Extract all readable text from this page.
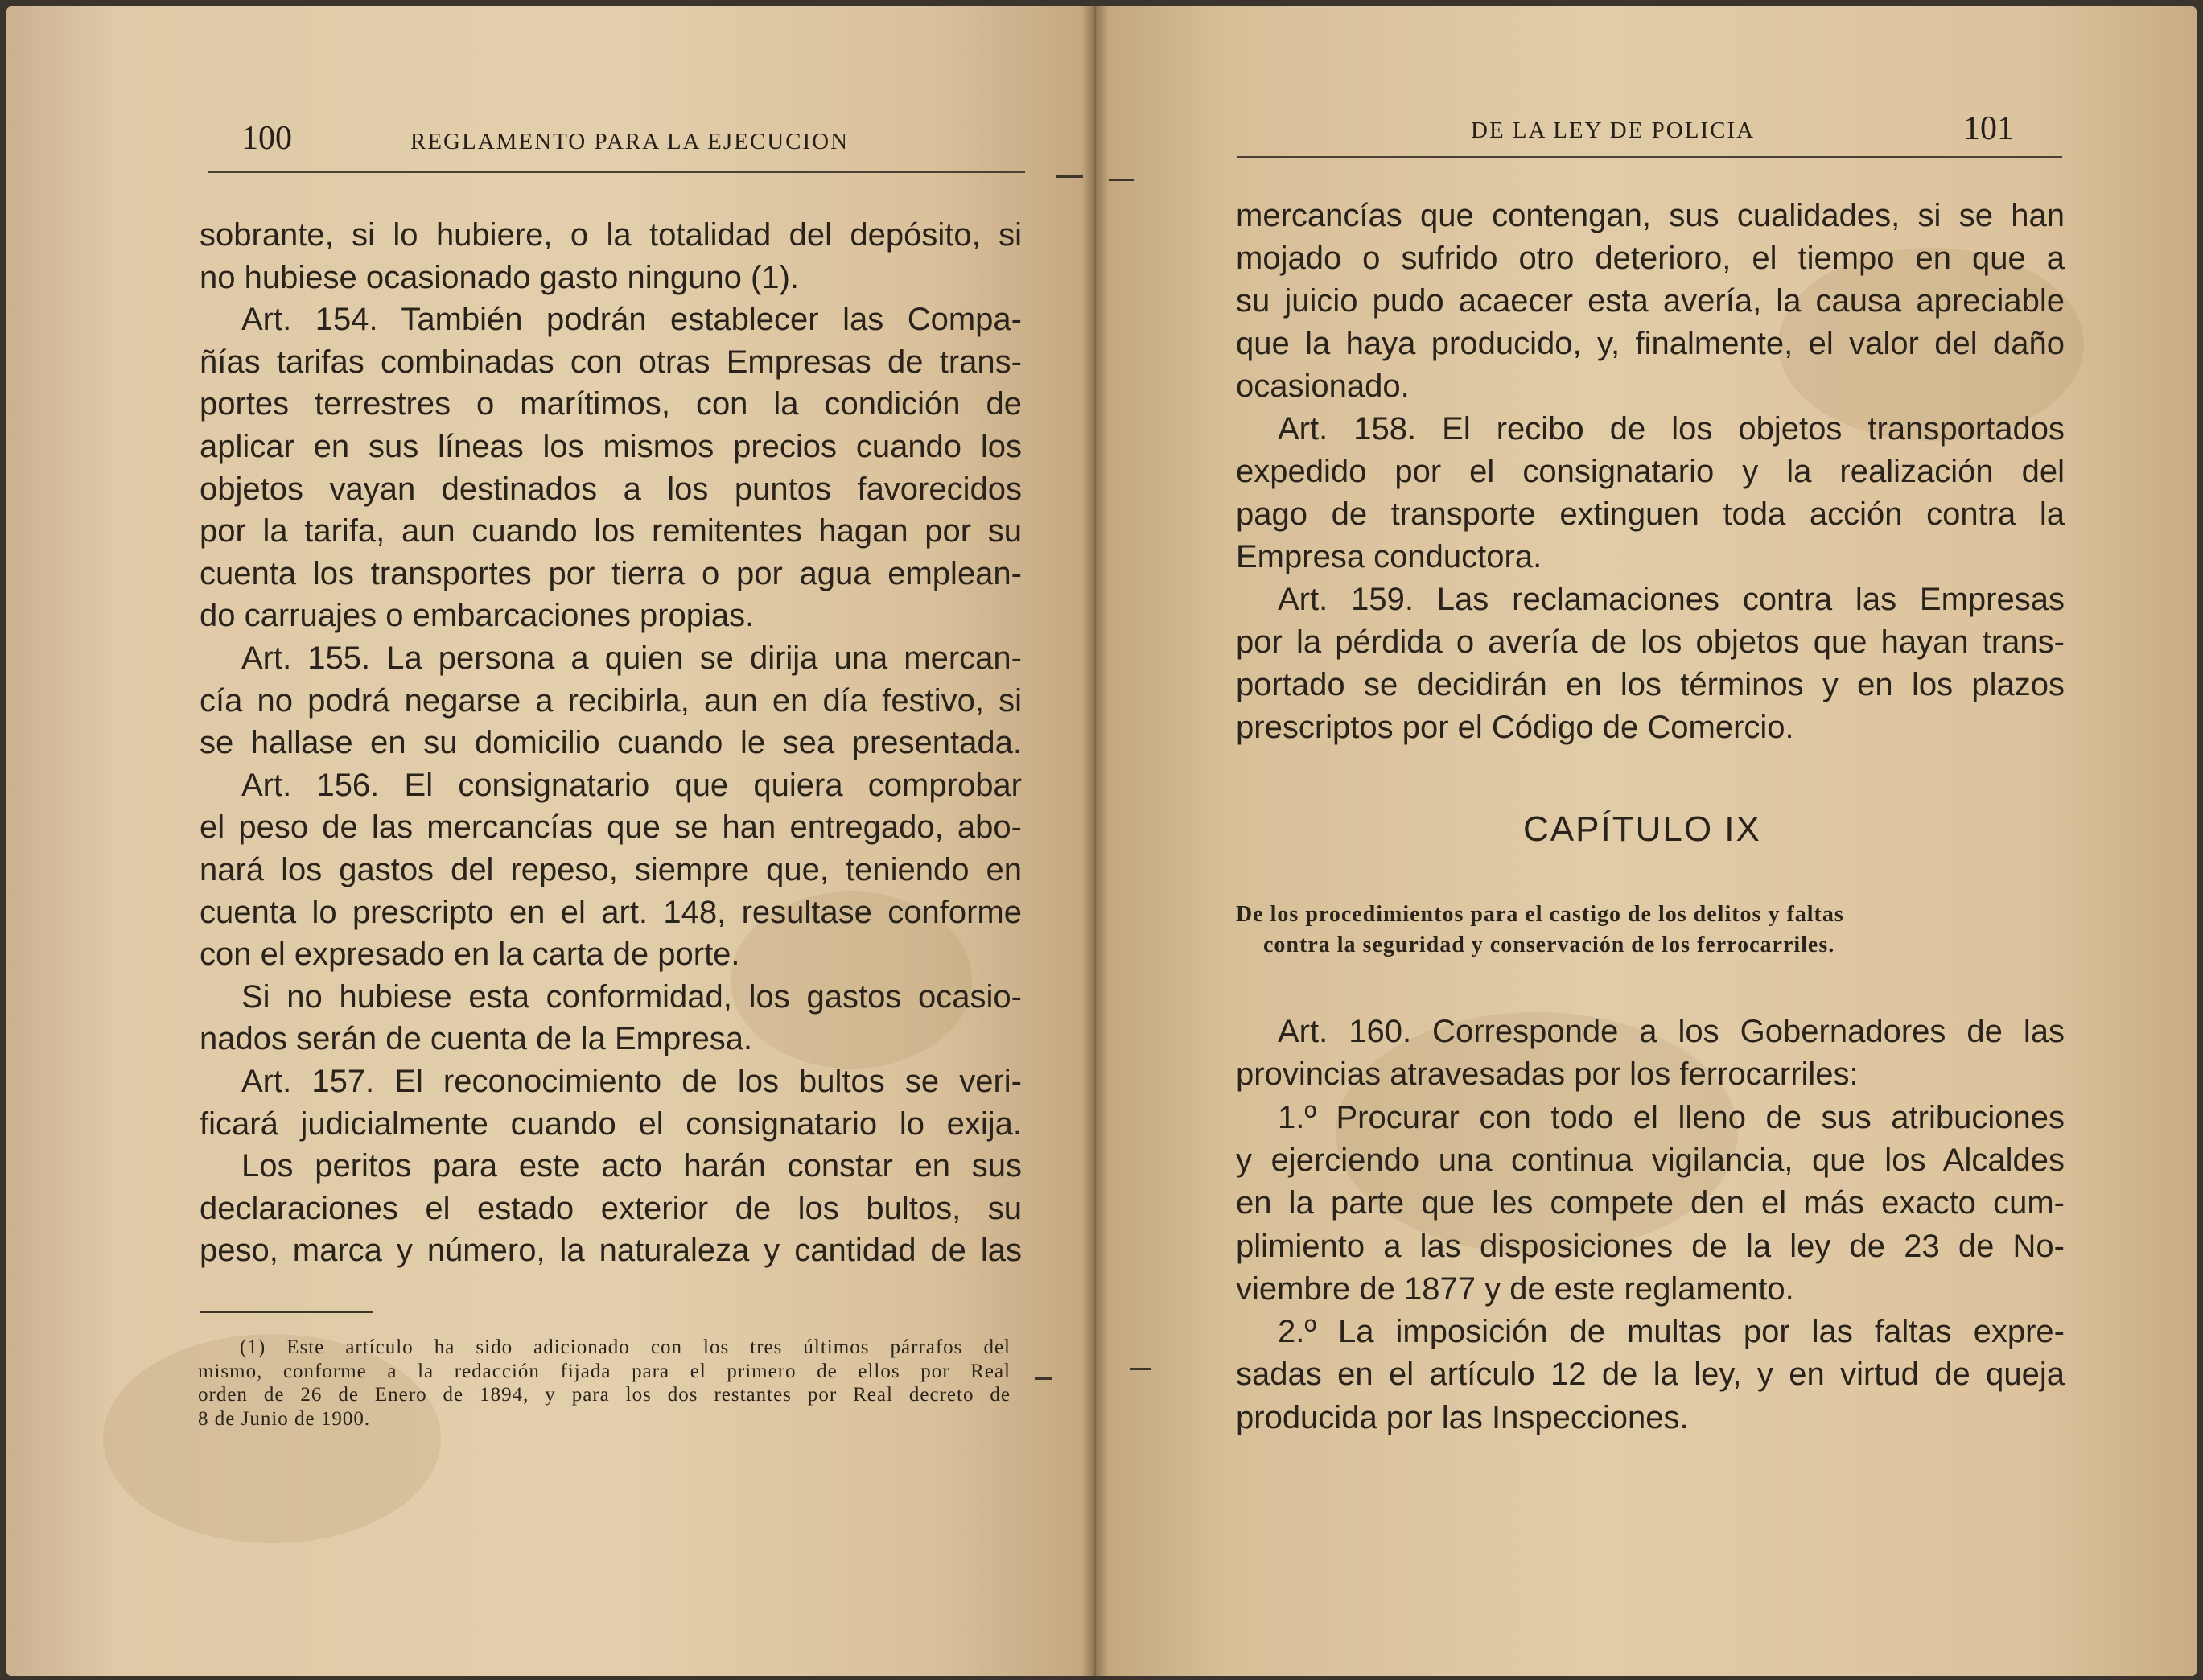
100	REGLAMENTO PARA LA EJECUCION
sobrante, si lo hubiere, o la totalidad del depósito, si
no hubiese ocasionado gasto ninguno (1).
Art. 154. También podrán establecer las Compa-
ñías tarifas combinadas con otras Empresas de trans-
portes terrestres o marítimos, con la condición de
aplicar en sus líneas los mismos precios cuando los
objetos vayan destinados a los puntos favorecidos
por la tarifa, aun cuando los remitentes hagan por su
cuenta los transportes por tierra o por agua emplean-
do carruajes o embarcaciones propias.
Art. 155. La persona a quien se dirija una mercan-
cía no podrá negarse a recibirla, aun en día festivo, si
se hallase en su domicilio cuando le sea presentada.
Art. 156. El consignatario que quiera comprobar
el peso de las mercancías que se han entregado, abo-
nará los gastos del repeso, siempre que, teniendo en
cuenta lo prescripto en el art. 148, resultase conforme
con el expresado en la carta de porte.
Si no hubiese esta conformidad, los gastos ocasio-
nados serán de cuenta de la Empresa.
Art. 157. El reconocimiento de los bultos se veri-
ficará judicialmente cuando el consignatario lo exija.
Los peritos para este acto harán constar en sus
declaraciones el estado exterior de los bultos, su
peso, marca y número, la naturaleza y cantidad de las
(1) Este artículo ha sido adicionado con los tres últimos párrafos del
mismo, conforme a la redacción fijada para el primero de ellos por Real
orden de 26 de Enero de 1894, y para los dos restantes por Real decreto de
8 de Junio de 1900.
DE LA LEY DE POLICIA	101
mercancías que contengan, sus cualidades, si se han
mojado o sufrido otro deterioro, el tiempo en que a
su juicio pudo acaecer esta avería, la causa apreciable
que la haya producido, y, finalmente, el valor del daño
ocasionado.
Art. 158. El recibo de los objetos transportados
expedido por el consignatario y la realización del
pago de transporte extinguen toda acción contra la
Empresa conductora.
Art. 159. Las reclamaciones contra las Empresas
por la pérdida o avería de los objetos que hayan trans-
portado se decidirán en los términos y en los plazos
prescriptos por el Código de Comercio.
CAPÍTULO IX
De los procedimientos para el castigo de los delitos y faltas
contra la seguridad y conservación de los ferrocarriles.
Art. 160. Corresponde a los Gobernadores de las
provincias atravesadas por los ferrocarriles:
1.º Procurar con todo el lleno de sus atribuciones
y ejerciendo una continua vigilancia, que los Alcaldes
en la parte que les compete den el más exacto cum-
plimiento a las disposiciones de la ley de 23 de No-
viembre de 1877 y de este reglamento.
2.º La imposición de multas por las faltas expre-
sadas en el artículo 12 de la ley, y en virtud de queja
producida por las Inspecciones.
